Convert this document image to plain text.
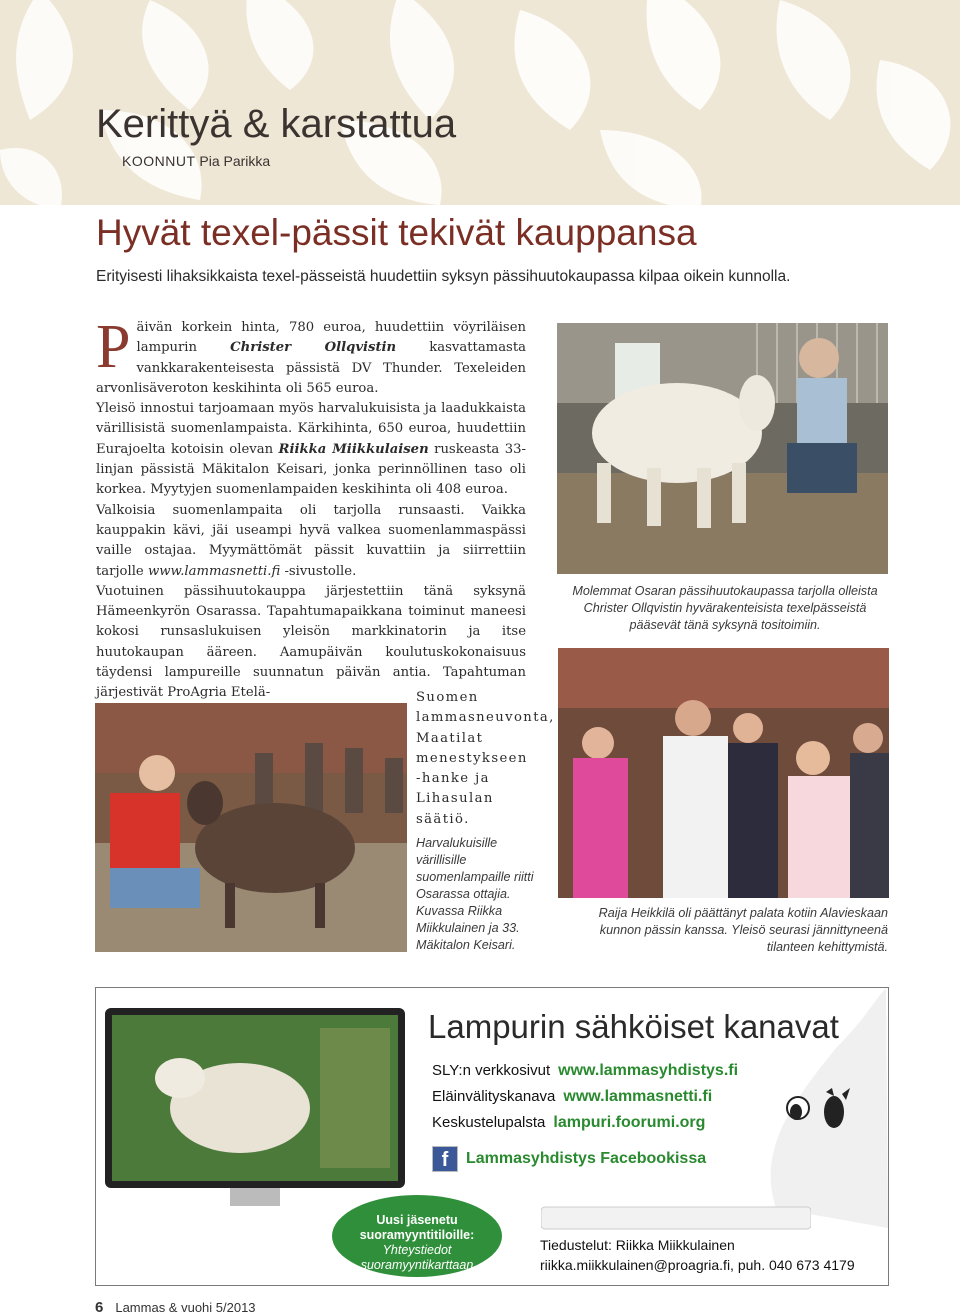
Kerittyä & karstattua
KOONNUT Pia Parikka
Hyvät texel-pässit tekivät kauppansa
Erityisesti lihaksikkaista texel-pässeistä huudettiin syksyn pässihuutokaupassa kilpaa oikein kunnolla.

Päivän korkein hinta, 780 euroa, huudettiin vöyriläisen lampurin Christer Ollqvistin kasvattamasta vankkarakenteisesta pässistä DV Thunder. Texeleiden arvonlisäveroton keskihinta oli 565 euroa.

Yleisö innostui tarjoamaan myös harvalukuisista ja laadukkaista värillisistä suomenlampaista. Kärkihinta, 650 euroa, huudettiin Eurajoelta kotoisin olevan Riikka Miikkulaisen ruskeasta 33-linjan pässistä Mäkitalon Keisari, jonka perinnöllinen taso oli korkea. Myytyjen suomenlampaiden keskihinta oli 408 euroa.

Valkoisia suomenlampaita oli tarjolla runsaasti. Vaikka kauppakin kävi, jäi useampi hyvä valkea suomenlammaspässi vaille ostajaa. Myymättömät pässit kuvattiin ja siirrettiin tarjolle www.lammasnetti.fi -sivustolle.

Vuotuinen pässihuutokauppa järjestettiin tänä syksynä Hämeenkyrön Osarassa. Tapahtumapaikkana toiminut maneesi kokosi runsaslukuisen yleisön markkinatorin ja itse huutokaupan ääreen. Aamupäivän koulutuskokonaisuus täydensi lampureille suunnatun päivän antia. Tapahtuman järjestivät ProAgria Etelä-	Suomen lammasneuvonta, Maatilat menestykseen -hanke ja Lihasulan säätiö.
Molemmat Osaran pässihuutokaupassa tarjolla olleista Christer Ollqvistin hyvärakenteisista texelpässeistä pääsevät tänä syksynä tositoimiin.
Harvalukuisille värillisille suomenlampaille riitti Osarassa ottajia. Kuvassa Riikka Miikkulainen ja 33. Mäkitalon Keisari.
Raija Heikkilä oli päättänyt palata kotiin Alavieskaan kunnon pässin kanssa. Yleisö seurasi jännittyneenä tilanteen kehittymistä.
Lampurin sähköiset kanavat
SLY:n verkkosivut www.lammasyhdistys.fi
Eläinvälityskanava www.lammasnetti.fi
Keskustelupalsta lampuri.foorumi.org
f Lammasyhdistys Facebookissa
Uusi jäsenetu
suoramyyntitiloille:
Yhteystiedot
suoramyyntikarttaan
Tiedustelut: Riikka Miikkulainen
riikka.miikkulainen@proagria.fi, puh. 040 673 4179
6 Lammas & vuohi 5/2013
